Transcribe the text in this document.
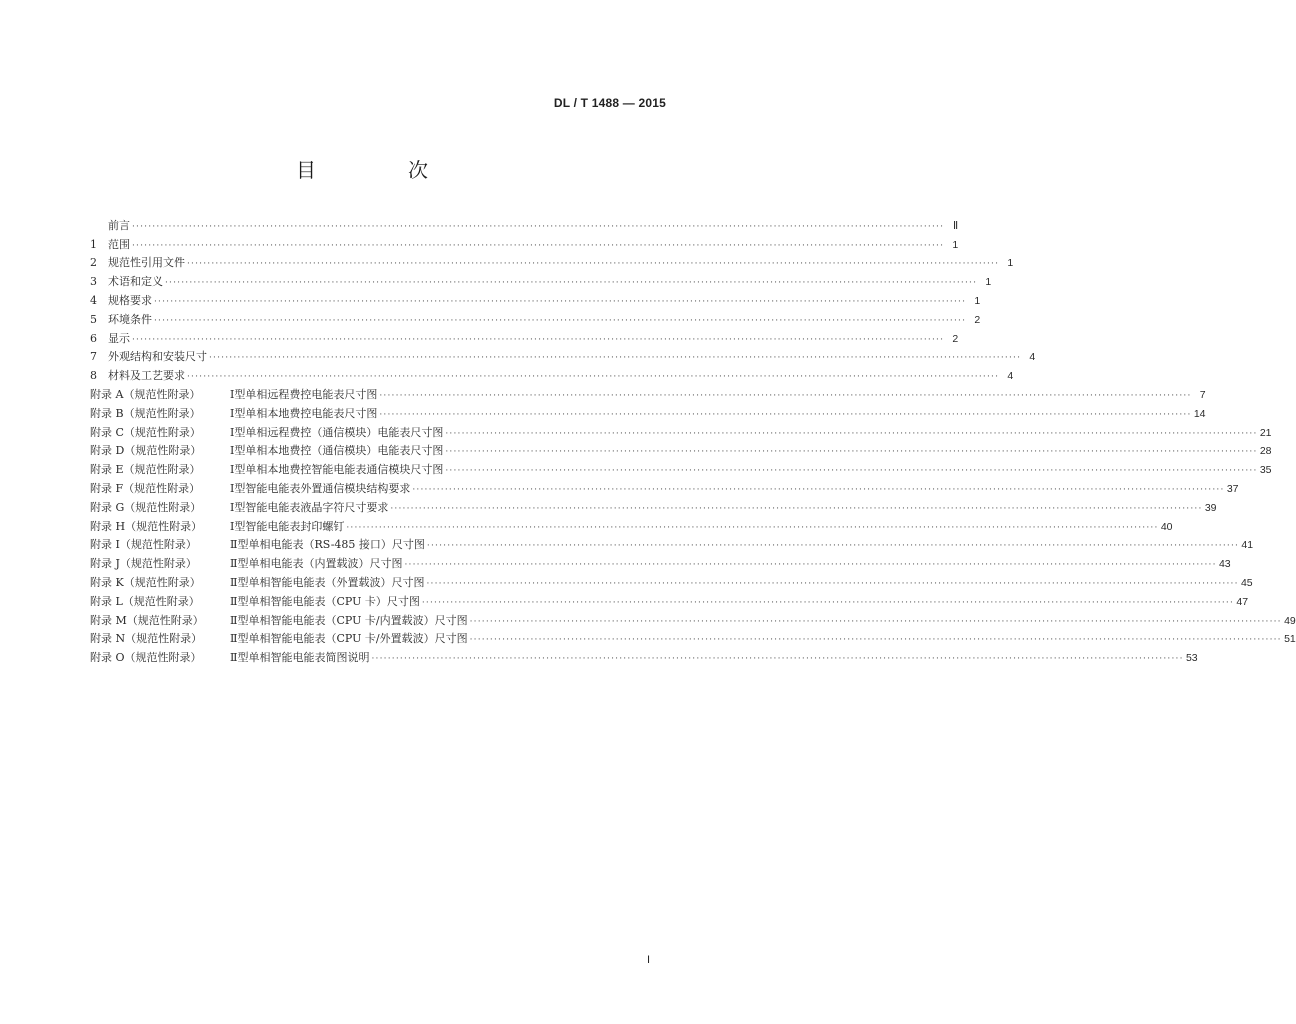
DL / T 1488 — 2015
目　次
前言 ········································································································································································································ Ⅱ
1	范围 ········································································································································································································ 1
2	规范性引用文件 ········································································································································································································ 1
3	术语和定义 ········································································································································································································ 1
4	规格要求 ········································································································································································································ 1
5	环境条件 ········································································································································································································ 2
6	显示 ········································································································································································································ 2
7	外观结构和安装尺寸 ········································································································································································································ 4
8	材料及工艺要求 ········································································································································································································ 4
附录 A（规范性附录）	Ⅰ型单相远程费控电能表尺寸图 ········································································································································································································ 7
附录 B（规范性附录）	Ⅰ型单相本地费控电能表尺寸图 ········································································································································································································ 14
附录 C（规范性附录）	Ⅰ型单相远程费控（通信模块）电能表尺寸图 ········································································································································································································ 21
附录 D（规范性附录）	Ⅰ型单相本地费控（通信模块）电能表尺寸图 ········································································································································································································ 28
附录 E（规范性附录）	Ⅰ型单相本地费控智能电能表通信模块尺寸图 ········································································································································································································ 35
附录 F（规范性附录）	Ⅰ型智能电能表外置通信模块结构要求 ········································································································································································································ 37
附录 G（规范性附录）	Ⅰ型智能电能表液晶字符尺寸要求 ········································································································································································································ 39
附录 H（规范性附录）	Ⅰ型智能电能表封印螺钉 ········································································································································································································ 40
附录 I（规范性附录）	Ⅱ型单相电能表（RS-485 接口）尺寸图 ········································································································································································································ 41
附录 J（规范性附录）	Ⅱ型单相电能表（内置载波）尺寸图 ········································································································································································································ 43
附录 K（规范性附录）	Ⅱ型单相智能电能表（外置载波）尺寸图 ········································································································································································································ 45
附录 L（规范性附录）	Ⅱ型单相智能电能表（CPU 卡）尺寸图 ········································································································································································································ 47
附录 M（规范性附录）	Ⅱ型单相智能电能表（CPU 卡/内置载波）尺寸图 ········································································································································································································ 49
附录 N（规范性附录）	Ⅱ型单相智能电能表（CPU 卡/外置载波）尺寸图 ········································································································································································································ 51
附录 O（规范性附录）	Ⅱ型单相智能电能表简图说明 ········································································································································································································ 53
I
